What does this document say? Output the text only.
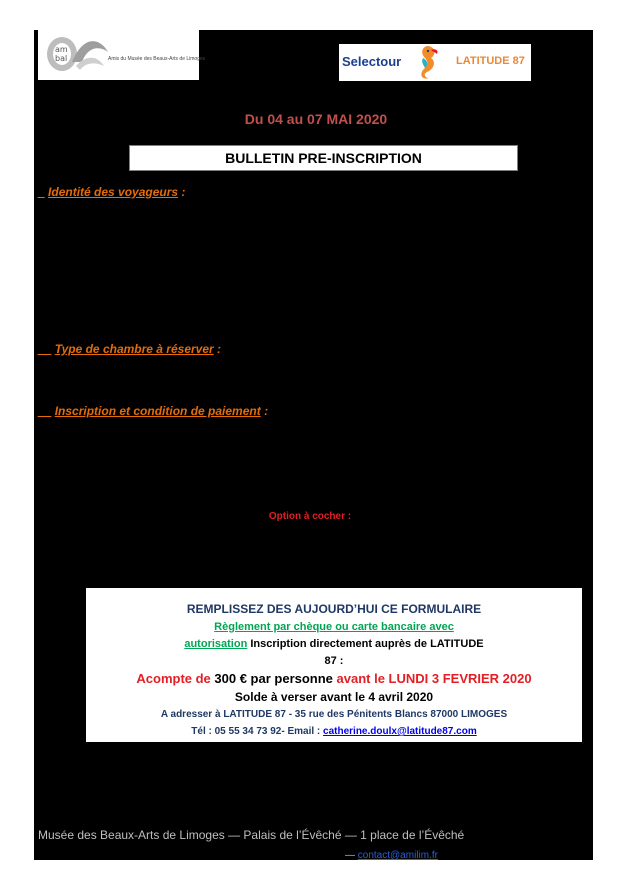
am
bal	Amis du Musée des Beaux-Arts de Limoges	Selectour	LATITUDE 87
Du 04 au 07 MAI 2020
BULLETIN PRE-INSCRIPTION
_ Identité des voyageurs :
__ Type de chambre à réserver :
__ Inscription et condition de paiement :
Option à cocher :
REMPLISSEZ DES AUJOURD’HUI CE FORMULAIRE
Règlement par chèque ou carte bancaire avec
autorisation Inscription directement auprès de LATITUDE
87 :
Acompte de 300 € par personne avant le LUNDI 3 FEVRIER 2020
Solde à verser avant le 4 avril 2020
A adresser à LATITUDE 87 - 35 rue des Pénitents Blancs 87000 LIMOGES
Tél : 05 55 34 73 92- Email : catherine.doulx@latitude87.com
Musée des Beaux-Arts de Limoges — Palais de l’Évêché — 1 place de l’Évêché
— contact@amilim.fr
